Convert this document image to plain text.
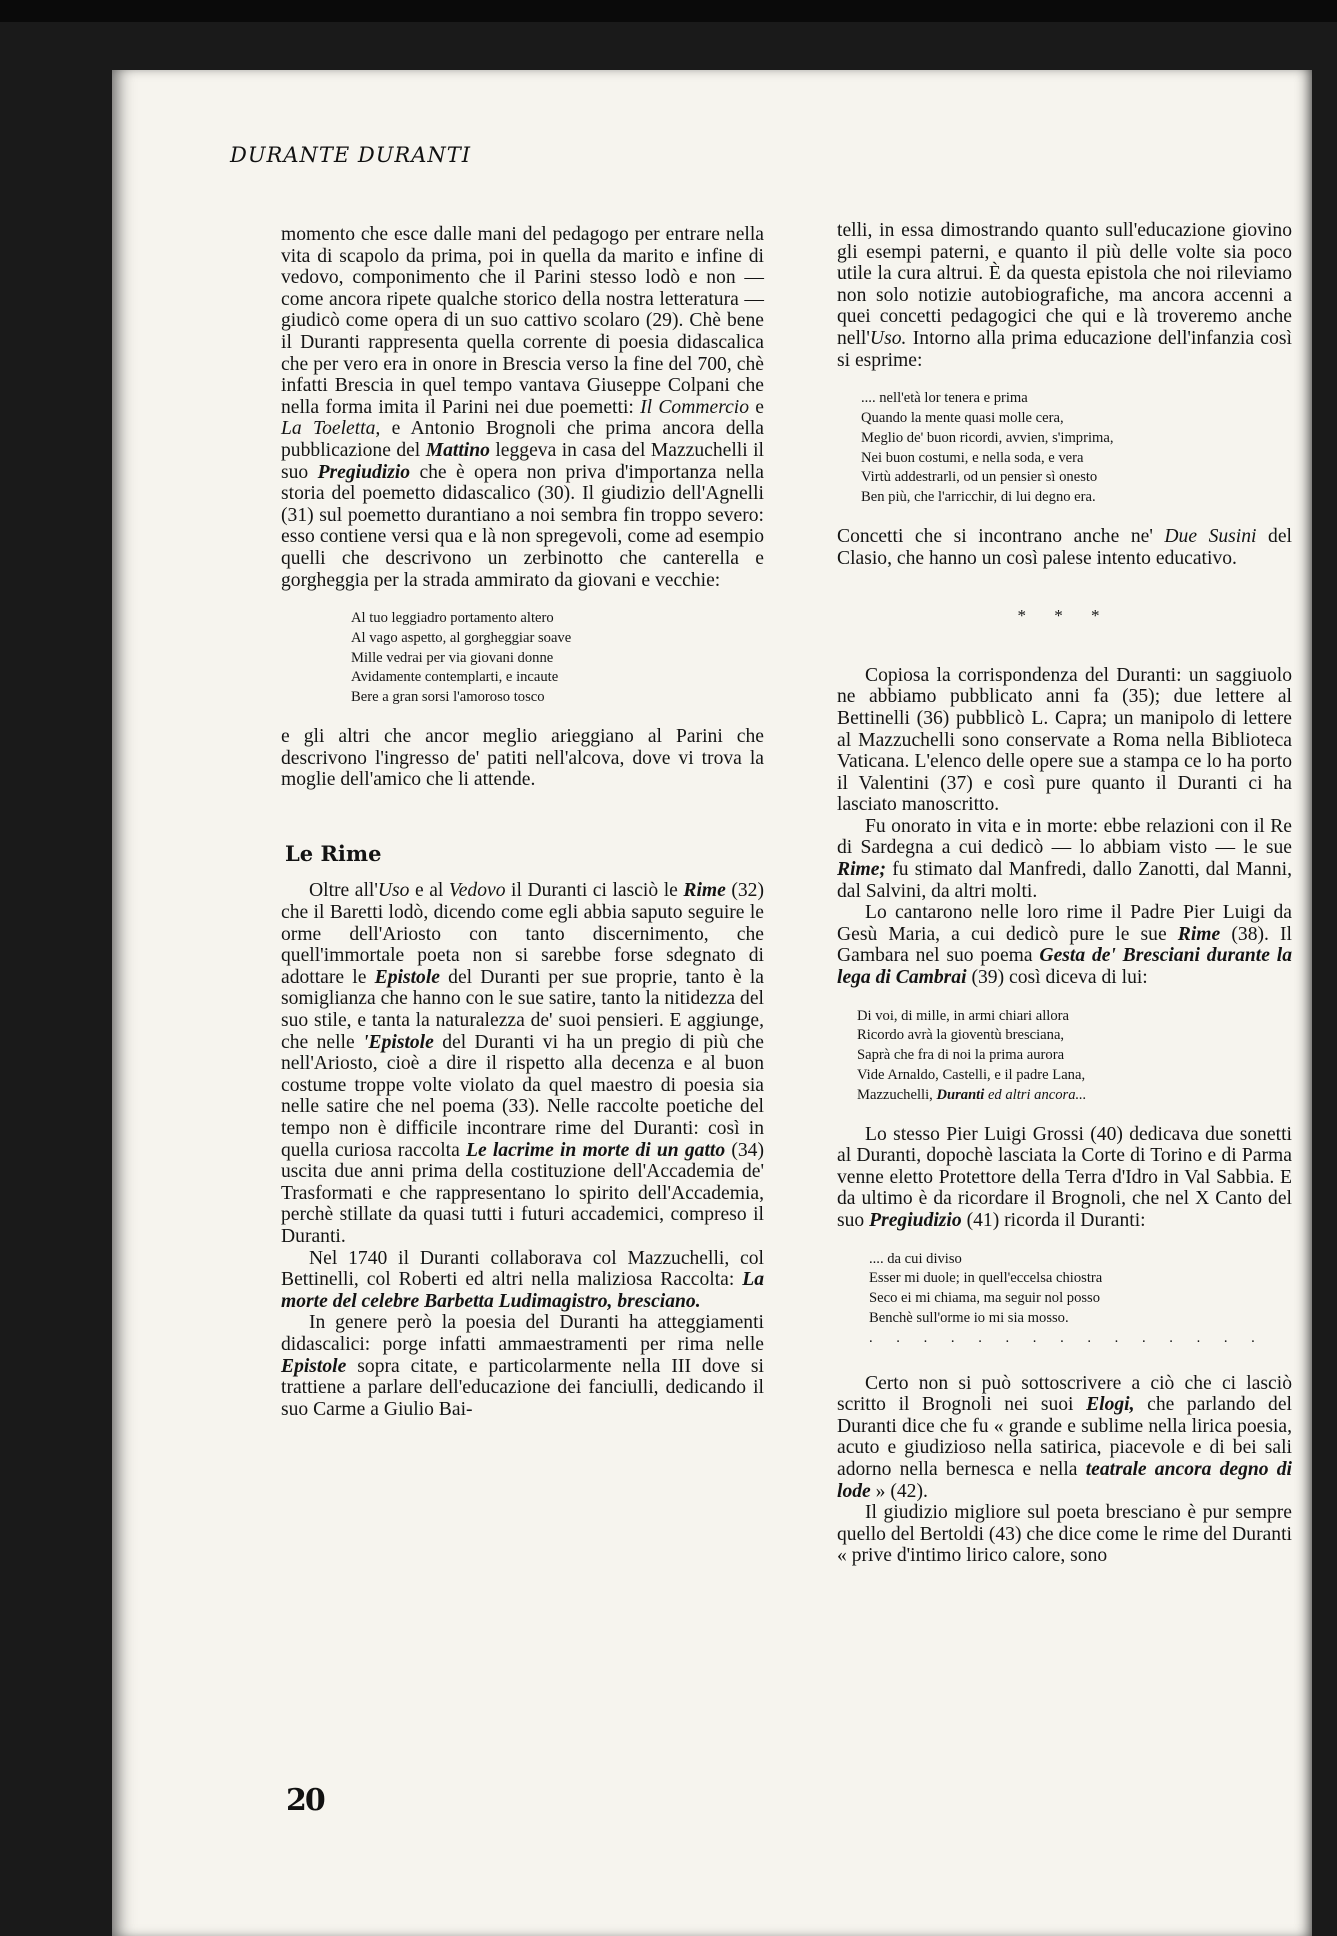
DURANTE DURANTI

momento che esce dalle mani del pedagogo per entrare nella vita di scapolo da prima, poi in quella da marito e infine di vedovo, componimento che il Parini stesso lodò e non — come ancora ripete qualche storico della nostra letteratura — giudicò come opera di un suo cattivo scolaro (29). Chè bene il Duranti rappresenta quella corrente di poesia didascalica che per vero era in onore in Brescia verso la fine del 700, chè infatti Brescia in quel tempo vantava Giuseppe Colpani che nella forma imita il Parini nei due poemetti: Il Commercio e La Toeletta, e Antonio Brognoli che prima ancora della pubblicazione del Mattino leggeva in casa del Mazzuchelli il suo Pregiudizio che è opera non priva d'importanza nella storia del poemetto didascalico (30). Il giudizio dell'Agnelli (31) sul poemetto durantiano a noi sembra fin troppo severo: esso contiene versi qua e là non spregevoli, come ad esempio quelli che descrivono un zerbinotto che canterella e gorgheggia per la strada ammirato da giovani e vecchie:

Al tuo leggiadro portamento altero
Al vago aspetto, al gorgheggiar soave
Mille vedrai per via giovani donne
Avidamente contemplarti, e incaute
Bere a gran sorsi l'amoroso tosco

e gli altri che ancor meglio arieggiano al Parini che descrivono l'ingresso de' patiti nell'alcova, dove vi trova la moglie dell'amico che li attende.

Le Rime

Oltre all'Uso e al Vedovo il Duranti ci lasciò le Rime (32) che il Baretti lodò, dicendo come egli abbia saputo seguire le orme dell'Ariosto con tanto discernimento, che quell'immortale poeta non si sarebbe forse sdegnato di adottare le Epistole del Duranti per sue proprie, tanto è la somiglianza che hanno con le sue satire, tanto la nitidezza del suo stile, e tanta la naturalezza de' suoi pensieri. E aggiunge, che nelle 'Epistole del Duranti vi ha un pregio di più che nell'Ariosto, cioè a dire il rispetto alla decenza e al buon costume troppe volte violato da quel maestro di poesia sia nelle satire che nel poema (33). Nelle raccolte poetiche del tempo non è difficile incontrare rime del Duranti: così in quella curiosa raccolta Le lacrime in morte di un gatto (34) uscita due anni prima della costituzione dell'Accademia de' Trasformati e che rappresentano lo spirito dell'Accademia, perchè stillate da quasi tutti i futuri accademici, compreso il Duranti.

Nel 1740 il Duranti collaborava col Mazzuchelli, col Bettinelli, col Roberti ed altri nella maliziosa Raccolta: La morte del celebre Barbetta Ludimagistro, bresciano.

In genere però la poesia del Duranti ha atteggiamenti didascalici: porge infatti ammaestramenti per rima nelle Epistole sopra citate, e particolarmente nella III dove si trattiene a parlare dell'educazione dei fanciulli, dedicando il suo Carme a Giulio Bai-

telli, in essa dimostrando quanto sull'educazione giovino gli esempi paterni, e quanto il più delle volte sia poco utile la cura altrui. È da questa epistola che noi rileviamo non solo notizie autobiografiche, ma ancora accenni a quei concetti pedagogici che qui e là troveremo anche nell'Uso. Intorno alla prima educazione dell'infanzia così si esprime:

.... nell'età lor tenera e prima
Quando la mente quasi molle cera,
Meglio de' buon ricordi, avvien, s'imprima,
Nei buon costumi, e nella soda, e vera
Virtù addestrarli, od un pensier sì onesto
Ben più, che l'arricchir, di lui degno era.

Concetti che si incontrano anche ne' Due Susini del Clasio, che hanno un così palese intento educativo.

* * *

Copiosa la corrispondenza del Duranti: un saggiuolo ne abbiamo pubblicato anni fa (35); due lettere al Bettinelli (36) pubblicò L. Capra; un manipolo di lettere al Mazzuchelli sono conservate a Roma nella Biblioteca Vaticana. L'elenco delle opere sue a stampa ce lo ha porto il Valentini (37) e così pure quanto il Duranti ci ha lasciato manoscritto.

Fu onorato in vita e in morte: ebbe relazioni con il Re di Sardegna a cui dedicò — lo abbiam visto — le sue Rime; fu stimato dal Manfredi, dallo Zanotti, dal Manni, dal Salvini, da altri molti.

Lo cantarono nelle loro rime il Padre Pier Luigi da Gesù Maria, a cui dedicò pure le sue Rime (38). Il Gambara nel suo poema Gesta de' Bresciani durante la lega di Cambrai (39) così diceva di lui:

Di voi, di mille, in armi chiari allora
Ricordo avrà la gioventù bresciana,
Saprà che fra di noi la prima aurora
Vide Arnaldo, Castelli, e il padre Lana,
Mazzuchelli, Duranti ed altri ancora...

Lo stesso Pier Luigi Grossi (40) dedicava due sonetti al Duranti, dopochè lasciata la Corte di Torino e di Parma venne eletto Protettore della Terra d'Idro in Val Sabbia. E da ultimo è da ricordare il Brognoli, che nel X Canto del suo Pregiudizio (41) ricorda il Duranti:

.... da cui diviso
Esser mi duole; in quell'eccelsa chiostra
Seco ei mi chiama, ma seguir nol posso
Benchè sull'orme io mi sia mosso.
. . . . . . . . . . . . . . .

Certo non si può sottoscrivere a ciò che ci lasciò scritto il Brognoli nei suoi Elogi, che parlando del Duranti dice che fu « grande e sublime nella lirica poesia, acuto e giudizioso nella satirica, piacevole e di bei sali adorno nella bernesca e nella teatrale ancora degno di lode » (42).

Il giudizio migliore sul poeta bresciano è pur sempre quello del Bertoldi (43) che dice come le rime del Duranti « prive d'intimo lirico calore, sono

20
